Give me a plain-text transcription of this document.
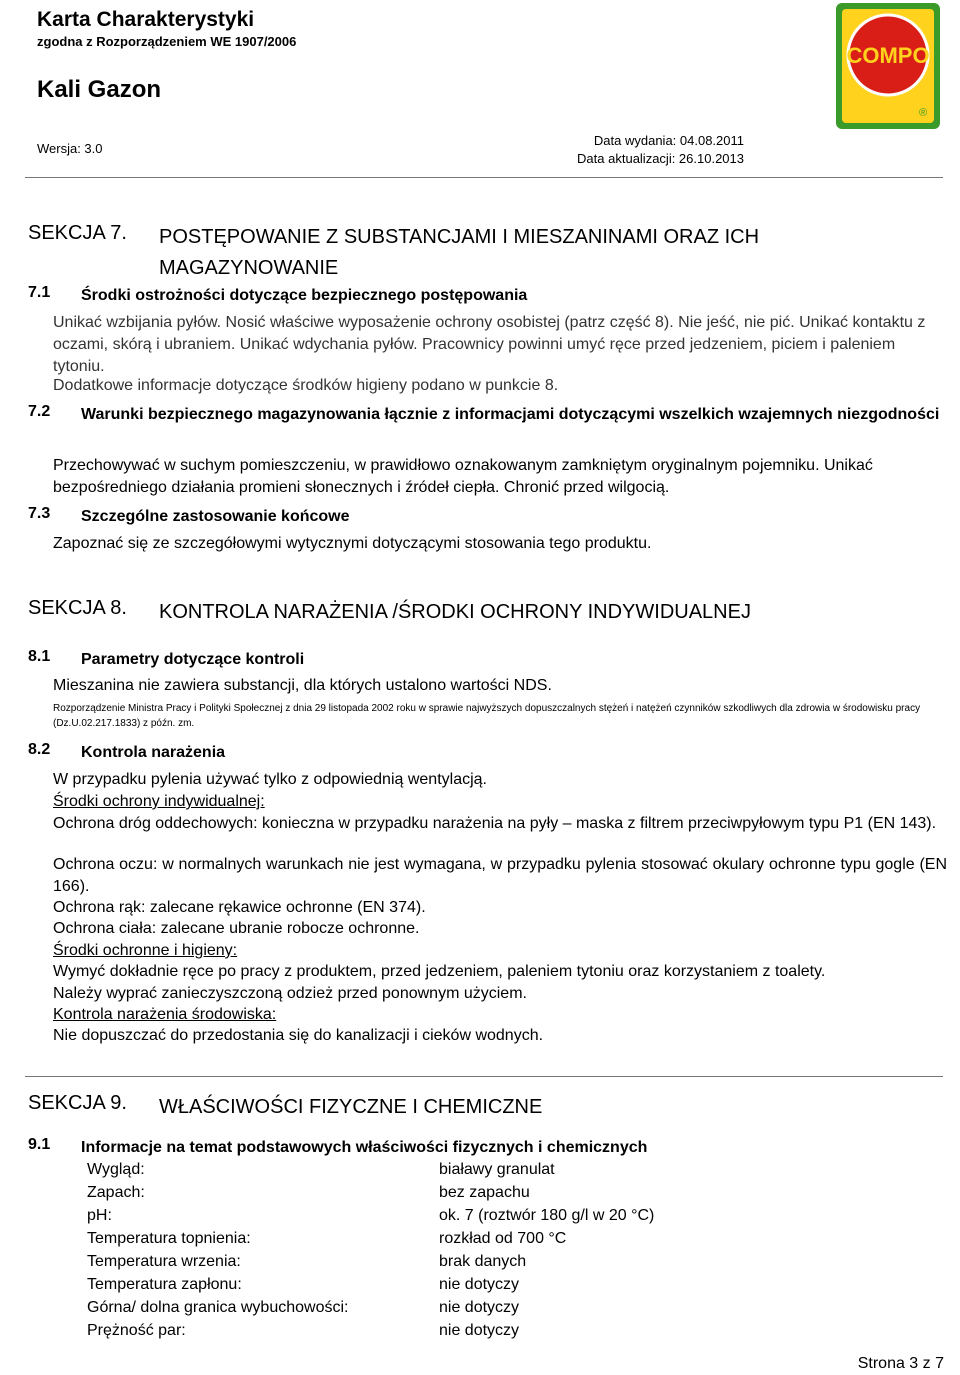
Karta Charakterystyki
zgodna z Rozporządzeniem WE 1907/2006
Kali Gazon
Wersja: 3.0
Data wydania: 04.08.2011
Data aktualizacji: 26.10.2013
COMPO
®
SEKCJA 7. POSTĘPOWANIE Z SUBSTANCJAMI I MIESZANINAMI ORAZ ICH MAGAZYNOWANIE
7.1 Środki ostrożności dotyczące bezpiecznego postępowania
Unikać wzbijania pyłów. Nosić właściwe wyposażenie ochrony osobistej (patrz część 8). Nie jeść, nie pić. Unikać kontaktu z oczami, skórą i ubraniem. Unikać wdychania pyłów. Pracownicy powinni umyć ręce przed jedzeniem, piciem i paleniem tytoniu.
Dodatkowe informacje dotyczące środków higieny podano w punkcie 8.
7.2 Warunki bezpiecznego magazynowania łącznie z informacjami dotyczącymi wszelkich wzajemnych niezgodności
Przechowywać w suchym pomieszczeniu, w prawidłowo oznakowanym zamkniętym oryginalnym pojemniku. Unikać bezpośredniego działania promieni słonecznych i źródeł ciepła. Chronić przed wilgocią.
7.3 Szczególne zastosowanie końcowe
Zapoznać się ze szczegółowymi wytycznymi dotyczącymi stosowania tego produktu.
SEKCJA 8. KONTROLA NARAŻENIA /ŚRODKI OCHRONY INDYWIDUALNEJ
8.1 Parametry dotyczące kontroli
Mieszanina nie zawiera substancji, dla których ustalono wartości NDS.
Rozporządzenie Ministra Pracy i Polityki Społecznej z dnia 29 listopada 2002 roku w sprawie najwyższych dopuszczalnych stężeń i natężeń czynników szkodliwych dla zdrowia w środowisku pracy (Dz.U.02.217.1833) z późn. zm.
8.2 Kontrola narażenia
W przypadku pylenia używać tylko z odpowiednią wentylacją.
Środki ochrony indywidualnej:
Ochrona dróg oddechowych: konieczna w przypadku narażenia na pyły – maska z filtrem przeciwpyłowym typu P1 (EN 143).
Ochrona oczu: w normalnych warunkach nie jest wymagana, w przypadku pylenia stosować okulary ochronne typu gogle (EN 166).
Ochrona rąk: zalecane rękawice ochronne (EN 374).
Ochrona ciała: zalecane ubranie robocze ochronne.
Środki ochronne i higieny:
Wymyć dokładnie ręce po pracy z produktem, przed jedzeniem, paleniem tytoniu oraz korzystaniem z toalety.
Należy wyprać zanieczyszczoną odzież przed ponownym użyciem.
Kontrola narażenia środowiska:
Nie dopuszczać do przedostania się do kanalizacji i cieków wodnych.
SEKCJA 9. WŁAŚCIWOŚCI FIZYCZNE I CHEMICZNE
9.1 Informacje na temat podstawowych właściwości fizycznych i chemicznych
Wygląd:	białawy granulat
Zapach:	bez zapachu
pH:	ok. 7 (roztwór 180 g/l w 20 °C)
Temperatura topnienia:	rozkład od 700 °C
Temperatura wrzenia:	brak danych
Temperatura zapłonu:	nie dotyczy
Górna/ dolna granica wybuchowości:	nie dotyczy
Prężność par:	nie dotyczy
Strona 3 z 7
